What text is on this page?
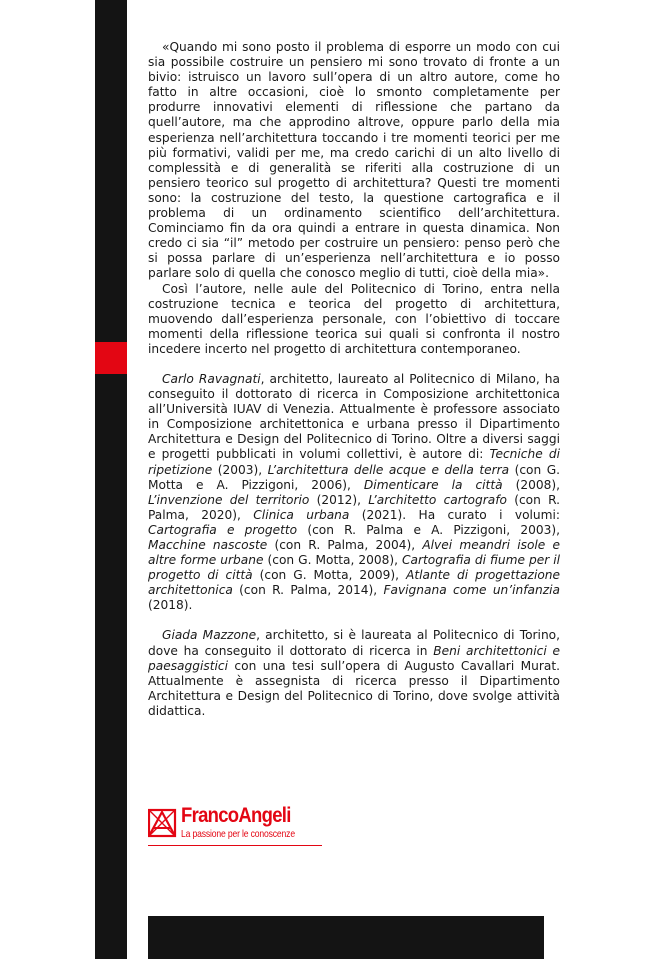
«Quando mi sono posto il problema di esporre un modo con cui sia possibile costruire un pensiero mi sono trovato di fronte a un bivio: istruisco un lavoro sull’opera di un altro autore, come ho fatto in altre occasioni, cioè lo smonto completamente per produrre innovativi elementi di riflessione che partano da quell’autore, ma che approdino altrove, oppure parlo della mia esperienza nell’architettura toccando i tre momenti teorici per me più formativi, validi per me, ma credo carichi di un alto livello di complessità e di generalità se riferiti alla costruzione di un pensiero teorico sul progetto di architettura? Questi tre momenti sono: la costruzione del testo, la questione cartografica e il problema di un ordinamento scientifico dell’architettura. Cominciamo fin da ora quindi a entrare in questa dinamica. Non credo ci sia “il” metodo per costruire un pensiero: penso però che si possa parlare di un’esperienza nell’architettura e io posso parlare solo di quella che conosco meglio di tutti, cioè della mia».

Così l’autore, nelle aule del Politecnico di Torino, entra nella costruzione tecnica e teorica del progetto di architettura, muovendo dall’esperienza personale, con l’obiettivo di toccare momenti della riflessione teorica sui quali si confronta il nostro incedere incerto nel progetto di architettura contemporaneo.

Carlo Ravagnati, architetto, laureato al Politecnico di Milano, ha conseguito il dottorato di ricerca in Composizione architettonica all’Università IUAV di Venezia. Attualmente è professore associato in Composizione architettonica e urbana presso il Dipartimento Architettura e Design del Politecnico di Torino. Oltre a diversi saggi e progetti pubblicati in volumi collettivi, è autore di: Tecniche di ripetizione (2003), L’architettura delle acque e della terra (con G. Motta e A. Pizzigoni, 2006), Dimenticare la città (2008), L’invenzione del territorio (2012), L’architetto cartografo (con R. Palma, 2020), Clinica urbana (2021). Ha curato i volumi: Cartografia e progetto (con R. Palma e A. Pizzigoni, 2003), Macchine nascoste (con R. Palma, 2004), Alvei meandri isole e altre forme urbane (con G. Motta, 2008), Cartografia di fiume per il progetto di città (con G. Motta, 2009), Atlante di progettazione architettonica (con R. Palma, 2014), Favignana come un’infanzia (2018).

Giada Mazzone, architetto, si è laureata al Politecnico di Torino, dove ha conseguito il dottorato di ricerca in Beni architettonici e paesaggistici con una tesi sull’opera di Augusto Cavallari Murat. Attualmente è assegnista di ricerca presso il Dipartimento Architettura e Design del Politecnico di Torino, dove svolge attività didattica.

FrancoAngeli
La passione per le conoscenze
